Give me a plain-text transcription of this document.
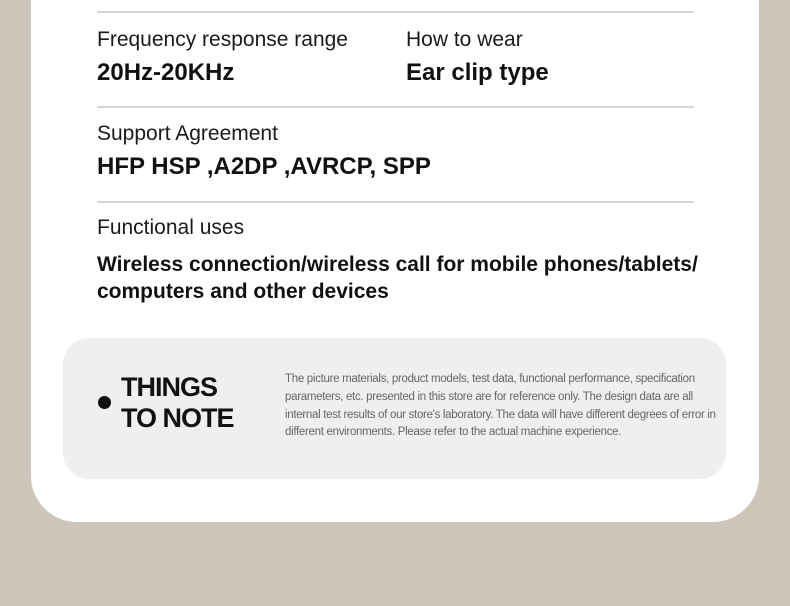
Frequency response range
20Hz-20KHz
How to wear
Ear clip type
Support Agreement
HFP HSP ,A2DP ,AVRCP, SPP
Functional uses
Wireless connection/wireless call for mobile phones/tablets/ computers and other devices
THINGS
TO NOTE
The picture materials, product models, test data, functional performance, specification parameters, etc. presented in this store are for reference only. The design data are all internal test results of our store's laboratory. The data will have different degrees of error in different environments. Please refer to the actual machine experience.
